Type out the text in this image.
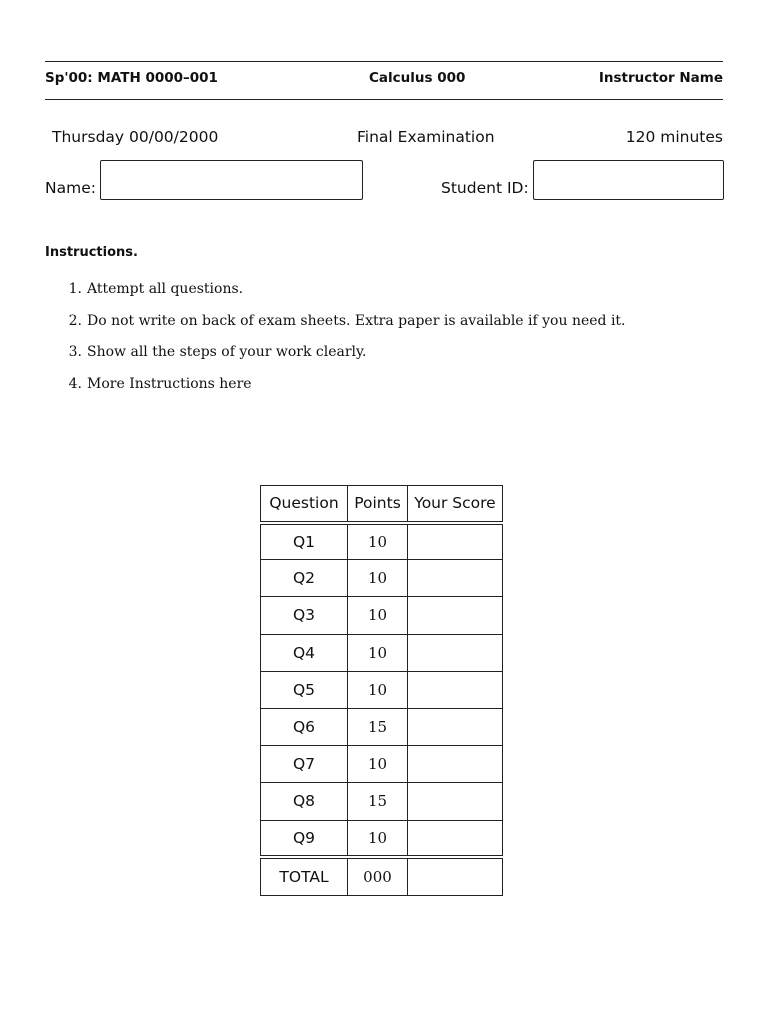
Sp'00: MATH 0000–001	Calculus 000	Instructor Name
Thursday 00/00/2000	Final Examination	120 minutes
Name:	Student ID:
Instructions.
1. Attempt all questions.
2. Do not write on back of exam sheets. Extra paper is available if you need it.
3. Show all the steps of your work clearly.
4. More Instructions here
Question	Points	Your Score
Q1	10	
Q2	10	
Q3	10	
Q4	10	
Q5	10	
Q6	15	
Q7	10	
Q8	15	
Q9	10	
TOTAL	000	
